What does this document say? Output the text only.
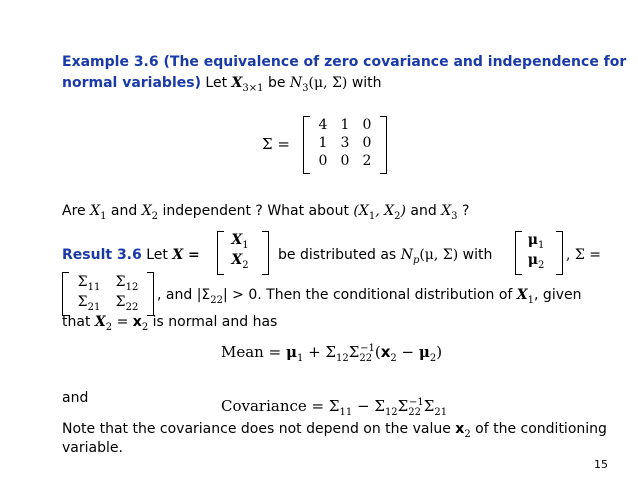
Example 3.6 (The equivalence of zero covariance and independence for
normal variables) Let $X_{3\times 1}$ be $N_3(\mu$, Σ) with
Σ =
4 1 0
1 3 0
0 0 2
Are $X_1$ and $X_2$ independent ? What about ($X_1$, $X_2$) and $X_3$ ?
Result 3.6 Let X =
$X_1$
$X_2$
be distributed as $N_p(\mu$, Σ) with
$\mu_1$
$\mu_2$
, Σ =
$\Sigma_{11}$	$\Sigma_{12}$
$\Sigma_{21}$	$\Sigma_{22}$
, and $|\Sigma_{22}| > 0$. Then the conditional distribution of $X_1$, given
that $X_2 = x_2$ is normal and has
Mean = $\mu_1 + \Sigma_{12}\Sigma_{22}^{-1}(x_2 - \mu_2)$
and	Covariance = $\Sigma_{11} - \Sigma_{12}\Sigma_{22}^{-1}\Sigma_{21}$
Note that the covariance does not depend on the value $x_2$ of the conditioning
variable.
15
